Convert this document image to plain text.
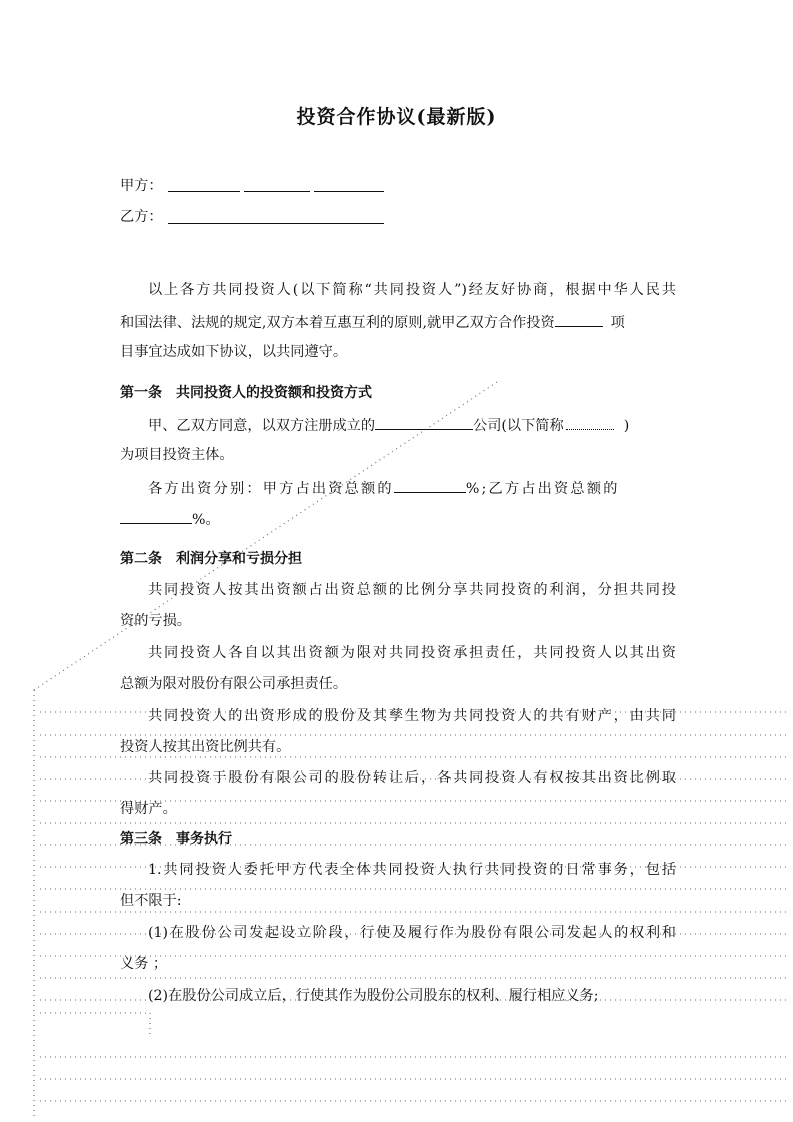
投资合作协议(最新版)
甲方：
乙方：
以上各方共同投资人(以下简称“共同投资人”)经友好协商，根据中华人民共
和国法律、法规的规定,双方本着互惠互利的原则,就甲乙双方合作投资	项
目事宜达成如下协议，以共同遵守。
第一条　共同投资人的投资额和投资方式
甲、乙双方同意，以双方注册成立的	公司(以下简称	)
为项目投资主体。
各方出资分别：甲方占出资总额的	%;乙方占出资总额的
%。
第二条　利润分享和亏损分担
共同投资人按其出资额占出资总额的比例分享共同投资的利润，分担共同投
资的亏损。
共同投资人各自以其出资额为限对共同投资承担责任，共同投资人以其出资
总额为限对股份有限公司承担责任。
共同投资人的出资形成的股份及其孳生物为共同投资人的共有财产，由共同
投资人按其出资比例共有。
共同投资于股份有限公司的股份转让后，各共同投资人有权按其出资比例取
得财产。
第三条　事务执行
1.共同投资人委托甲方代表全体共同投资人执行共同投资的日常事务，包括
但不限于:
(1)在股份公司发起设立阶段，行使及履行作为股份有限公司发起人的权利和
义务 ；
(2)在股份公司成立后，行使其作为股份公司股东的权利、履行相应义务;
